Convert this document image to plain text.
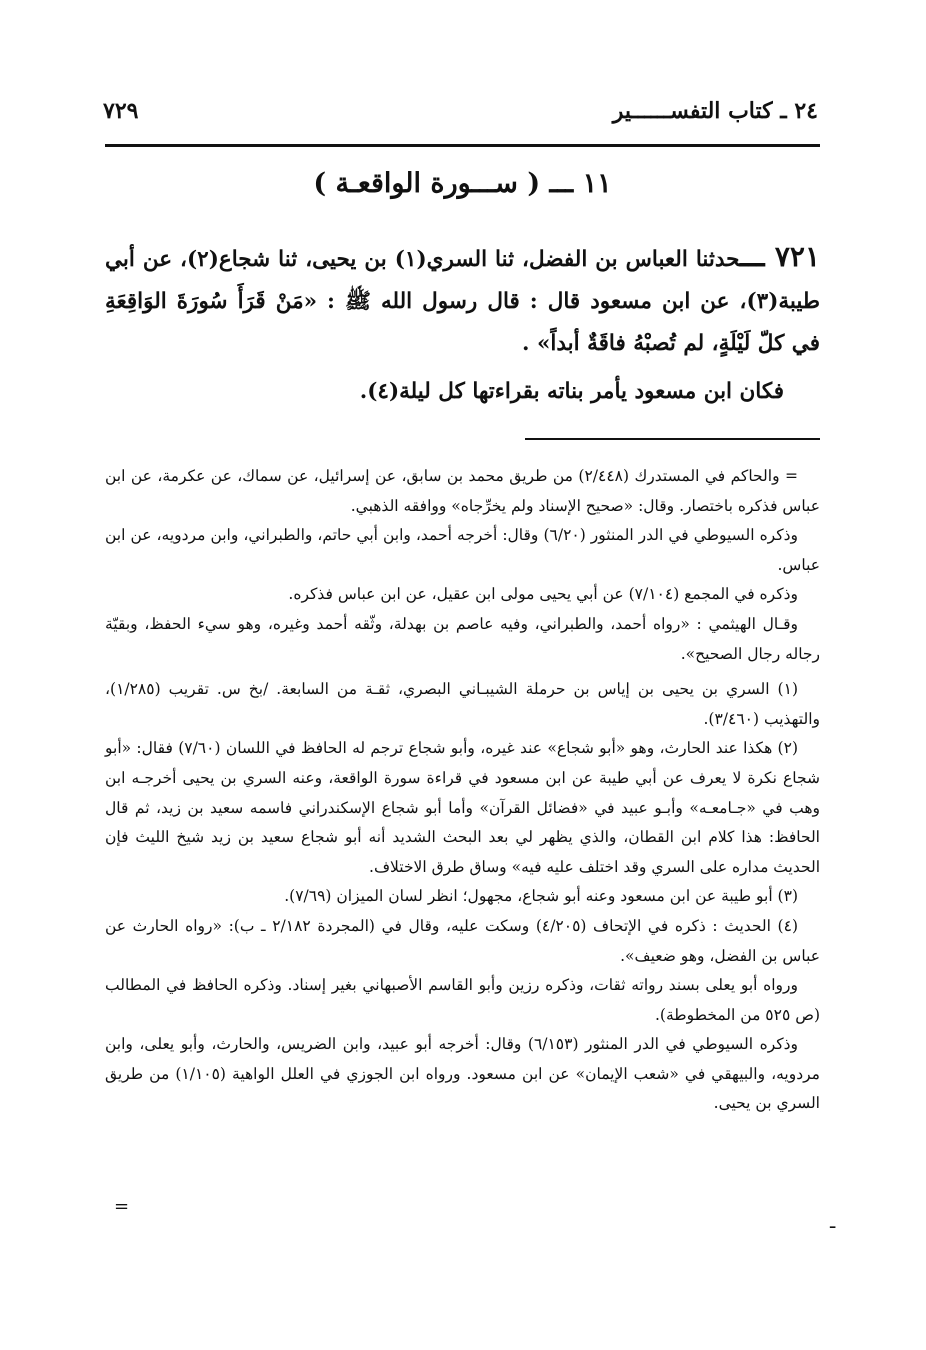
٢٤ ـ كتاب التفســــــير
٧٢٩
١١ ـــ ( ســـورة الواقعـة )

٧٢١ ـــحدثنا العباس بن الفضل، ثنا السري(١) بن يحيى، ثنا شجاع(٢)، عن أبي طيبة(٣)، عن ابن مسعود قال : قال رسول الله ﷺ : «مَنْ قَرَأَ سُورَةَ الوَاقِعَةِ في كلّ لَيْلَةٍ، لم تُصبْهُ فاقَةٌ أبداً» .

فكان ابن مسعود يأمر بناته بقراءتها كل ليلة(٤).

= والحاكم في المستدرك (٢/٤٤٨) من طريق محمد بن سابق، عن إسرائيل، عن سماك، عن عكرمة، عن ابن عباس فذكره باختصار. وقال: «صحيح الإسناد ولم يخرِّجاه» ووافقه الذهبي.

وذكره السيوطي في الدر المنثور (٦/٢٠) وقال: أخرجه أحمد، وابن أبي حاتم، والطبراني، وابن مردويه، عن ابن عباس.

وذكره في المجمع (٧/١٠٤) عن أبي يحيى مولى ابن عقيل، عن ابن عباس فذكره.

وقـال الهيثمي : «رواه أحمد، والطبراني، وفيه عاصم بن بهدلة، وثّقه أحمد وغيره، وهو سيء الحفظ، وبقيّة رجاله رجال الصحيح».

(١) السري بن يحيى بن إياس بن حرملة الشيبـاني البصري، ثقـة من السابعة. /بخ س. تقريب (١/٢٨٥)، والتهذيب (٣/٤٦٠).

(٢) هكذا عند الحارث، وهو «أبو شجاع» عند غيره، وأبو شجاع ترجم له الحافظ في اللسان (٧/٦٠) فقال: «أبو شجاع نكرة لا يعرف عن أبي طيبة عن ابن مسعود في قراءة سورة الواقعة، وعنه السري بن يحيى أخرجـه ابن وهب في «جـامعـه» وأبـو عبيد في «فضائل القرآن» وأما أبو شجاع الإسكندراني فاسمه سعيد بن زيد، ثم قال الحافظ: هذا كلام ابن القطان، والذي يظهر لي بعد البحث الشديد أنه أبو شجاع سعيد بن زيد شيخ الليث فإن الحديث مداره على السري وقد اختلف عليه فيه» وساق طرق الاختلاف.

(٣) أبو طيبة عن ابن مسعود وعنه أبو شجاع، مجهول؛ انظر لسان الميزان (٧/٦٩).

(٤) الحديث : ذكره في الإتحاف (٤/٢٠٥) وسكت عليه، وقال في (المجردة ٢/١٨٢ ـ ب): «رواه الحارث عن عباس بن الفضل، وهو ضعيف».

ورواه أبو يعلى بسند رواته ثقات، وذكره رزين وأبو القاسم الأصبهاني بغير إسناد. وذكره الحافظ في المطالب (ص ٥٢٥ من المخطوطة).

وذكره السيوطي في الدر المنثور (٦/١٥٣) وقال: أخرجه أبو عبيد، وابن الضريس، والحارث، وأبو يعلى، وابن مردويه، والبيهقي في «شعب الإيمان» عن ابن مسعود. ورواه ابن الجوزي في العلل الواهية (١/١٠٥) من طريق السري بن يحيى.

=
ـ
